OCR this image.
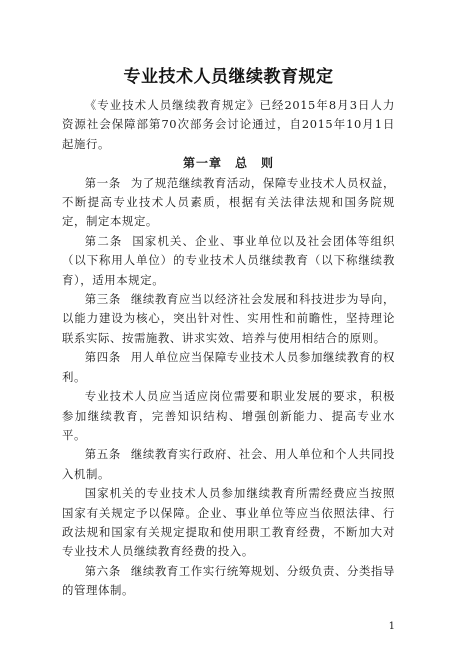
专业技术人员继续教育规定

《专业技术人员继续教育规定》已经2015年8月3日人力资源社会保障部第70次部务会讨论通过，自2015年10月1日起施行。

第一章　总　则

第一条 为了规范继续教育活动，保障专业技术人员权益，不断提高专业技术人员素质，根据有关法律法规和国务院规定，制定本规定。

第二条 国家机关、企业、事业单位以及社会团体等组织（以下称用人单位）的专业技术人员继续教育（以下称继续教育），适用本规定。

第三条 继续教育应当以经济社会发展和科技进步为导向，以能力建设为核心，突出针对性、实用性和前瞻性，坚持理论联系实际、按需施教、讲求实效、培养与使用相结合的原则。

第四条 用人单位应当保障专业技术人员参加继续教育的权利。

专业技术人员应当适应岗位需要和职业发展的要求，积极参加继续教育，完善知识结构、增强创新能力、提高专业水平。

第五条 继续教育实行政府、社会、用人单位和个人共同投入机制。

国家机关的专业技术人员参加继续教育所需经费应当按照国家有关规定予以保障。企业、事业单位等应当依照法律、行政法规和国家有关规定提取和使用职工教育经费，不断加大对专业技术人员继续教育经费的投入。

第六条 继续教育工作实行统筹规划、分级负责、分类指导的管理体制。

1
